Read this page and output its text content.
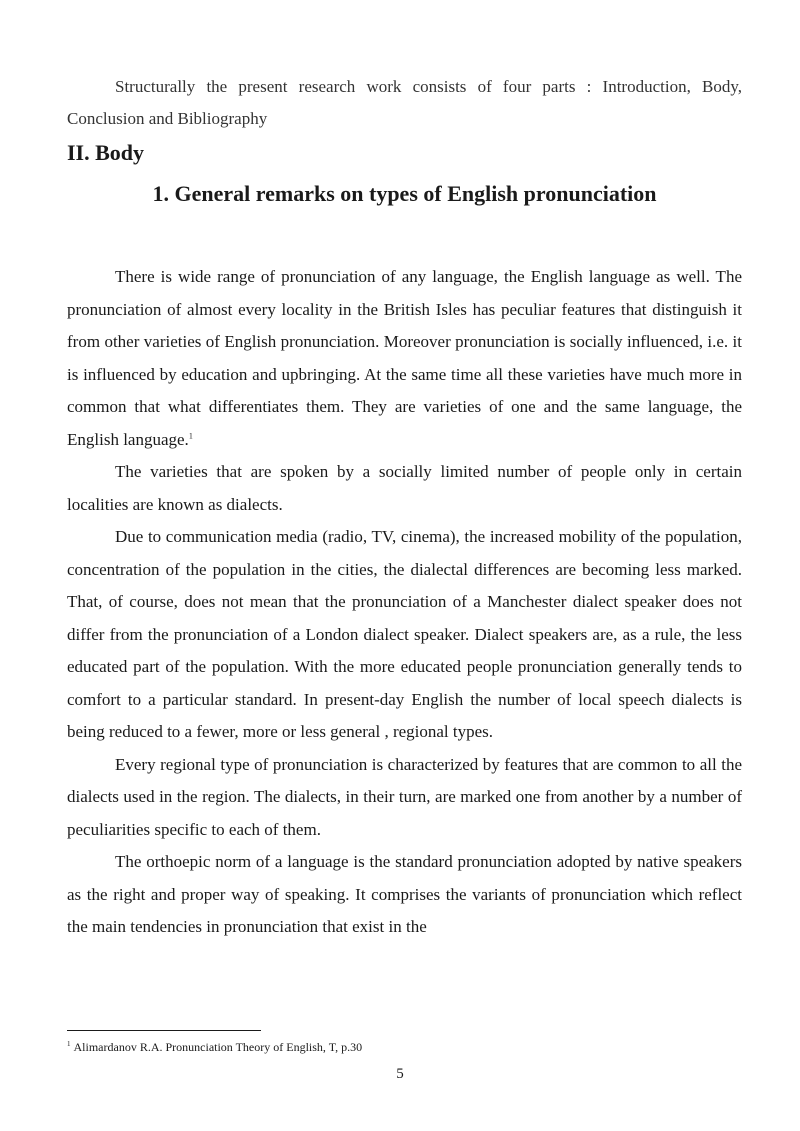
Structurally the present research work consists of four parts : Introduction, Body, Conclusion and Bibliography
II. Body
1. General remarks on types of English pronunciation

There is wide range of pronunciation of any language, the English language as well. The pronunciation of almost every locality in the British Isles has peculiar features that distinguish it from other varieties of English pronunciation. Moreover pronunciation is socially influenced, i.e. it is influenced by education and upbringing. At the same time all these varieties have much more in common that what differentiates them. They are varieties of one and the same language, the English language.$^1$

The varieties that are spoken by a socially limited number of people only in certain localities are known as dialects.

Due to communication media (radio, TV, cinema), the increased mobility of the population, concentration of the population in the cities, the dialectal differences are becoming less marked. That, of course, does not mean that the pronunciation of a Manchester dialect speaker does not differ from the pronunciation of a London dialect speaker. Dialect speakers are, as a rule, the less educated part of the population. With the more educated people pronunciation generally tends to comfort to a particular standard. In present-day English the number of local speech dialects is being reduced to a fewer, more or less general , regional types.

Every regional type of pronunciation is characterized by features that are common to all the dialects used in the region. The dialects, in their turn, are marked one from another by a number of peculiarities specific to each of them.

The orthoepic norm of a language is the standard pronunciation adopted by native speakers as the right and proper way of speaking. It comprises the variants of pronunciation which reflect the main tendencies in pronunciation that exist in the

$^1$ Alimardanov R.A. Pronunciation Theory of English, T, p.30
5
